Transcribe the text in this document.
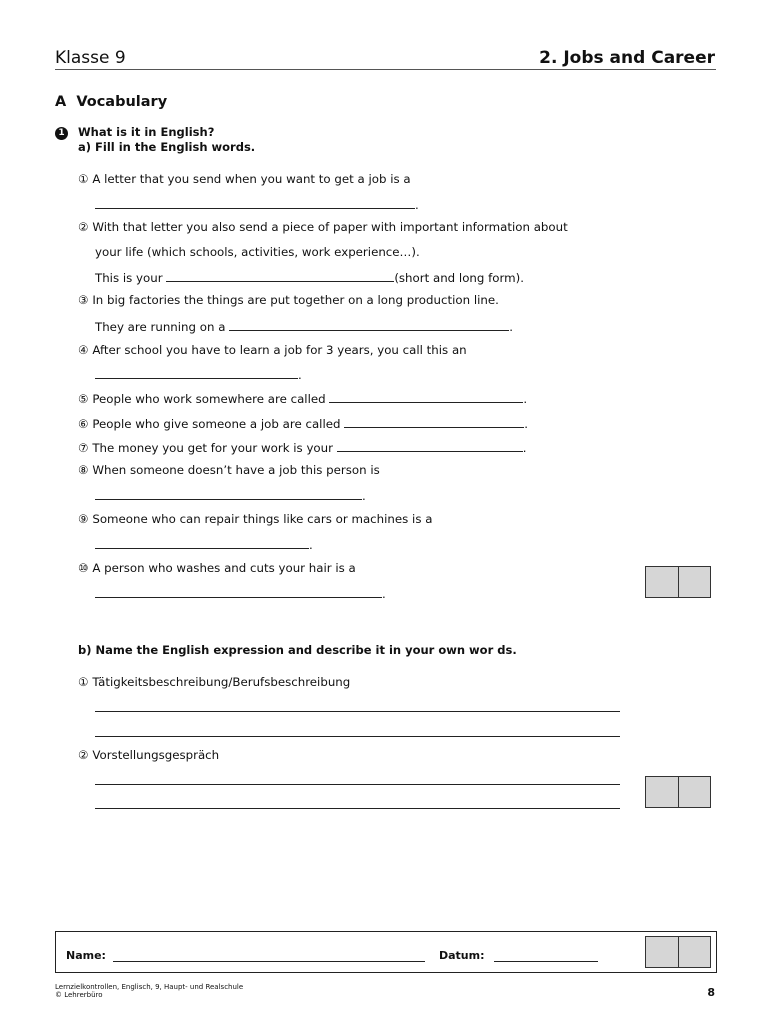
Klasse 9	2. Jobs and Career
A  Vocabulary
1 What is it in English?
a) Fill in the English words.
① A letter that you send when you want to get a job is a
.
② With that letter you also send a piece of paper with important information about
your life (which schools, activities, work experience…).
This is your	(short and long form).
③ In big factories the things are put together on a long production line.
They are running on a	.
④ After school you have to learn a job for 3 years, you call this an
.
⑤ People who work somewhere are called	.
⑥ People who give someone a job are called	.
⑦ The money you get for your work is your	.
⑧ When someone doesn’t have a job this person is
.
⑨ Someone who can repair things like cars or machines is a
.
⑩ A person who washes and cuts your hair is a
.
b) Name the English expression and describe it in your own wor ds.
① Tätigkeitsbeschreibung/Berufsbeschreibung
② Vorstellungsgespräch
Name:	Datum:
Lernzielkontrollen, Englisch, 9, Haupt- und Realschule
© Lehrerbüro	8
